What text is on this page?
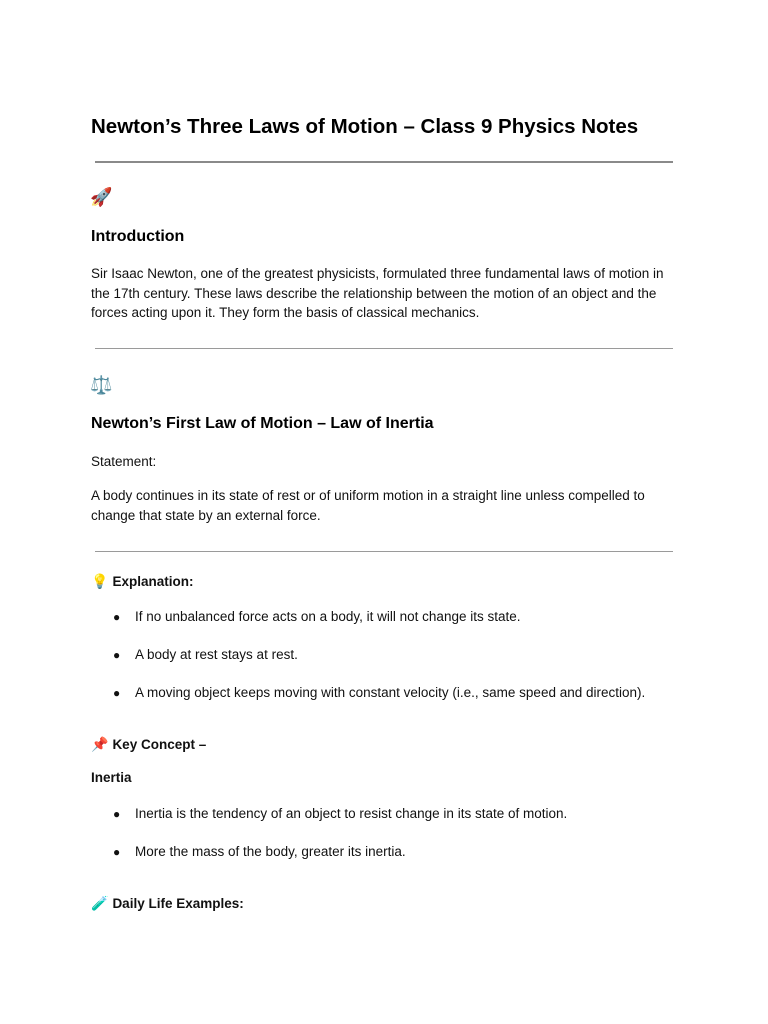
Newton’s Three Laws of Motion – Class 9 Physics Notes
🚀
Introduction

Sir Isaac Newton, one of the greatest physicists, formulated three fundamental laws of motion in the 17th century. These laws describe the relationship between the motion of an object and the forces acting upon it. They form the basis of classical mechanics.

⚖️
Newton’s First Law of Motion – Law of Inertia

Statement:

A body continues in its state of rest or of uniform motion in a straight line unless compelled to change that state by an external force.

💡 Explanation:
● If no unbalanced force acts on a body, it will not change its state.
● A body at rest stays at rest.
● A moving object keeps moving with constant velocity (i.e., same speed and direction).
📌 Key Concept –
Inertia
● Inertia is the tendency of an object to resist change in its state of motion.
● More the mass of the body, greater its inertia.
🧪 Daily Life Examples:
